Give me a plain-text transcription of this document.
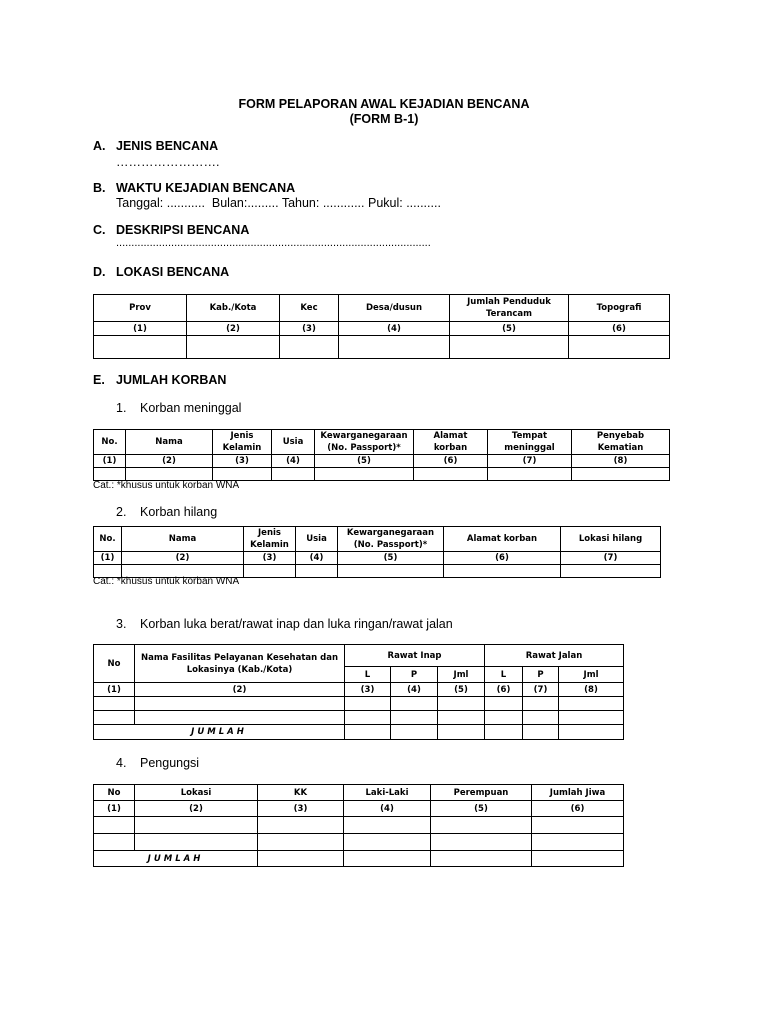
FORM PELAPORAN AWAL KEJADIAN BENCANA
(FORM B-1)
A. JENIS BENCANA
…………………….
B. WAKTU KEJADIAN BENCANA
Tanggal: ...........  Bulan:......... Tahun: ............ Pukul: ..........
C. DESKRIPSI BENCANA
.......................................................................................................
D. LOKASI BENCANA
Prov	Kab./Kota	Kec	Desa/dusun	Jumlah Penduduk Terancam	Topografi
(1)	(2)	(3)	(4)	(5)	(6)

E. JUMLAH KORBAN
1. Korban meninggal
No.	Nama	Jenis Kelamin	Usia	Kewarganegaraan (No. Passport)*	Alamat korban	Tempat meninggal	Penyebab Kematian
(1)	(2)	(3)	(4)	(5)	(6)	(7)	(8)

Cat.: *khusus untuk korban WNA
2. Korban hilang
No.	Nama	Jenis Kelamin	Usia	Kewarganegaraan (No. Passport)*	Alamat korban	Lokasi hilang
(1)	(2)	(3)	(4)	(5)	(6)	(7)

Cat.: *khusus untuk korban WNA
3. Korban luka berat/rawat inap dan luka ringan/rawat jalan
No	Nama Fasilitas Pelayanan Kesehatan dan Lokasinya (Kab./Kota)	Rawat Inap			Rawat Jalan		
		L	P	Jml	L	P	Jml
(1)	(2)	(3)	(4)	(5)	(6)	(7)	(8)

JUMLAH							
4. Pengungsi
No	Lokasi	KK	Laki-Laki	Perempuan	Jumlah Jiwa
(1)	(2)	(3)	(4)	(5)	(6)

JUMLAH					
